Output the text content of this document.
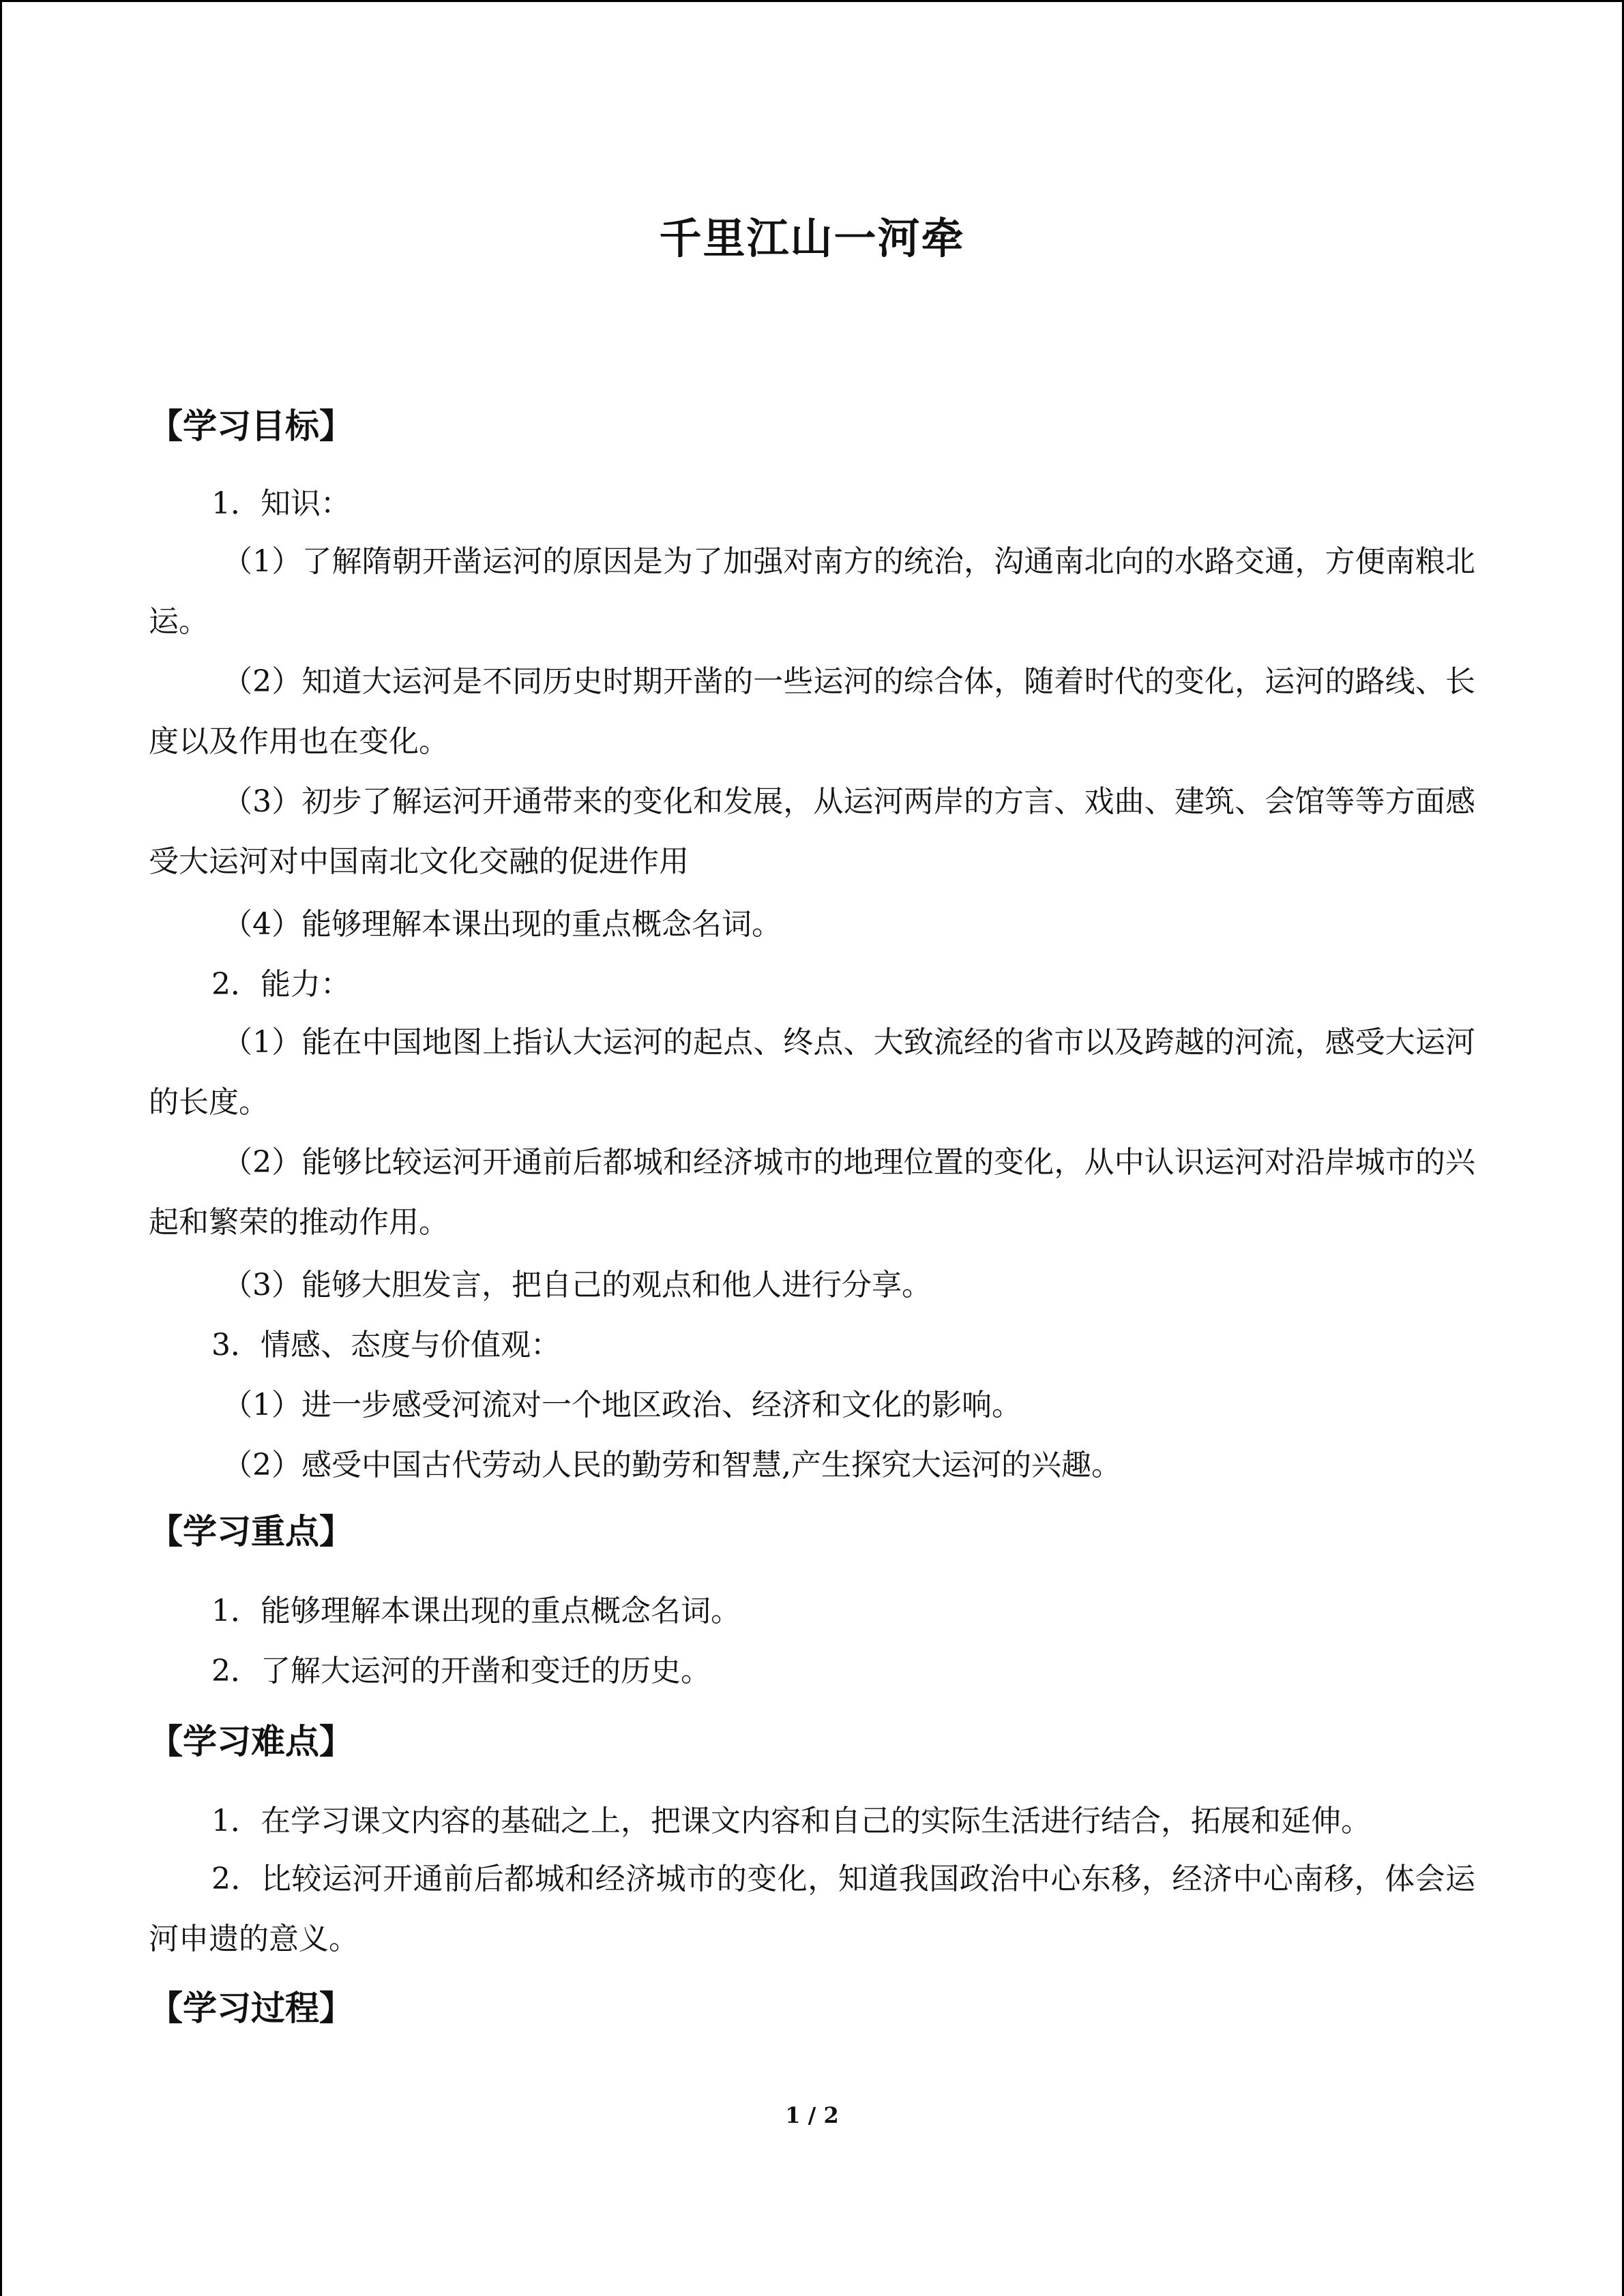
千里江山一河牵
【学习目标】
1．知识：
（1）了解隋朝开凿运河的原因是为了加强对南方的统治，沟通南北向的水路交通，方便南粮北运。
（2）知道大运河是不同历史时期开凿的一些运河的综合体，随着时代的变化，运河的路线、长度以及作用也在变化。
（3）初步了解运河开通带来的变化和发展，从运河两岸的方言、戏曲、建筑、会馆等等方面感受大运河对中国南北文化交融的促进作用
（4）能够理解本课出现的重点概念名词。
2．能力：
（1）能在中国地图上指认大运河的起点、终点、大致流经的省市以及跨越的河流，感受大运河的长度。
（2）能够比较运河开通前后都城和经济城市的地理位置的变化，从中认识运河对沿岸城市的兴起和繁荣的推动作用。
（3）能够大胆发言，把自己的观点和他人进行分享。
3．情感、态度与价值观：
（1）进一步感受河流对一个地区政治、经济和文化的影响。
（2）感受中国古代劳动人民的勤劳和智慧,产生探究大运河的兴趣。
【学习重点】
1．能够理解本课出现的重点概念名词。
2．了解大运河的开凿和变迁的历史。
【学习难点】
1．在学习课文内容的基础之上，把课文内容和自己的实际生活进行结合，拓展和延伸。
2．比较运河开通前后都城和经济城市的变化，知道我国政治中心东移，经济中心南移，体会运河申遗的意义。
【学习过程】
1 / 2
